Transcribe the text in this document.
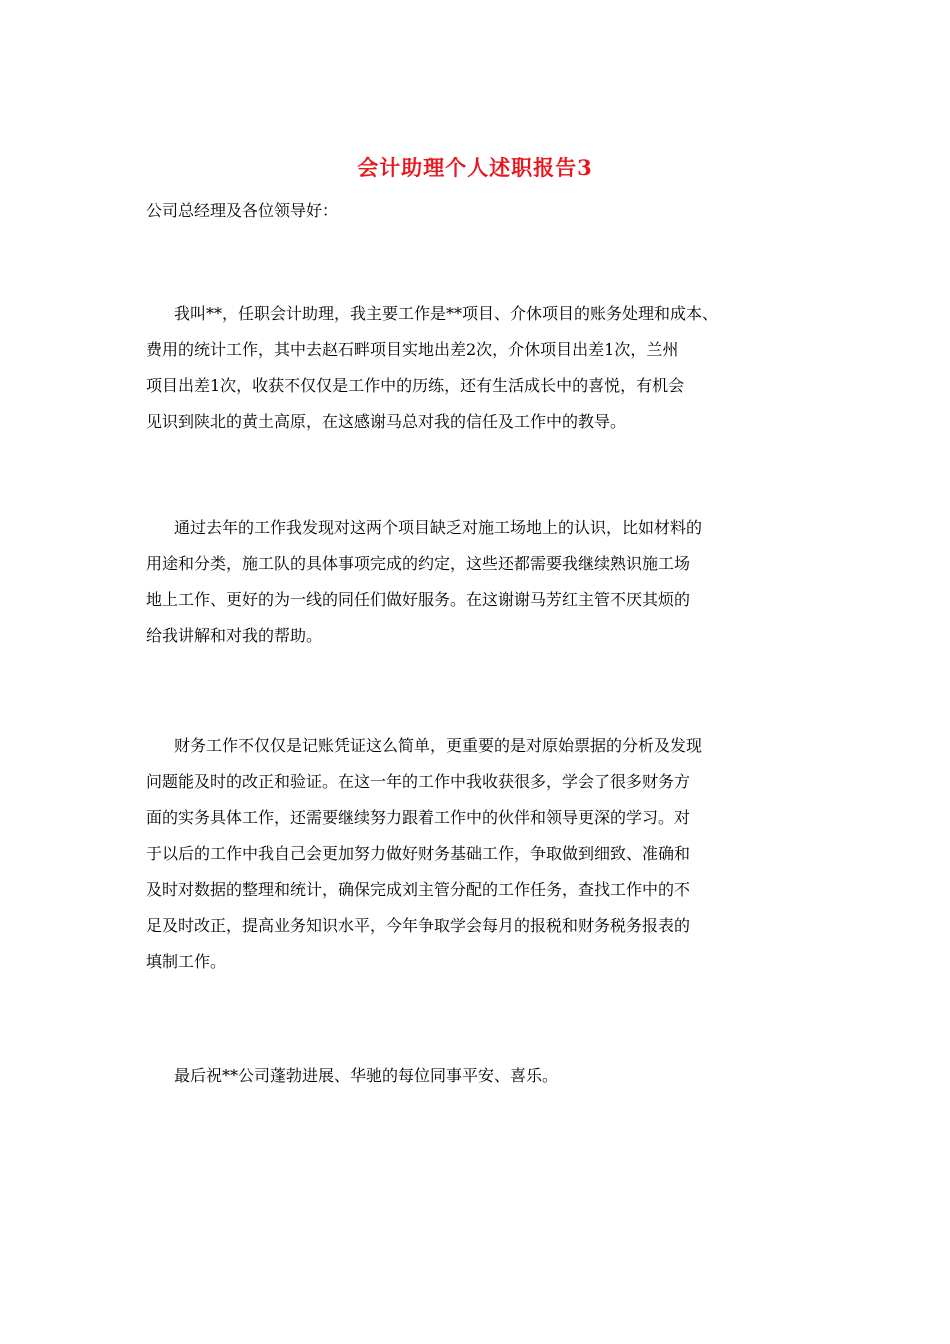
会计助理个人述职报告3
公司总经理及各位领导好：
我叫**，任职会计助理，我主要工作是**项目、介休项目的账务处理和成本、
费用的统计工作，其中去赵石畔项目实地出差2次，介休项目出差1次，兰州
项目出差1次，收获不仅仅是工作中的历练，还有生活成长中的喜悦，有机会
见识到陕北的黄土高原，在这感谢马总对我的信任及工作中的教导。
通过去年的工作我发现对这两个项目缺乏对施工场地上的认识，比如材料的
用途和分类，施工队的具体事项完成的约定，这些还都需要我继续熟识施工场
地上工作、更好的为一线的同任们做好服务。在这谢谢马芳红主管不厌其烦的
给我讲解和对我的帮助。
财务工作不仅仅是记账凭证这么简单，更重要的是对原始票据的分析及发现
问题能及时的改正和验证。在这一年的工作中我收获很多，学会了很多财务方
面的实务具体工作，还需要继续努力跟着工作中的伙伴和领导更深的学习。对
于以后的工作中我自己会更加努力做好财务基础工作，争取做到细致、准确和
及时对数据的整理和统计，确保完成刘主管分配的工作任务，查找工作中的不
足及时改正，提高业务知识水平，今年争取学会每月的报税和财务税务报表的
填制工作。
最后祝**公司蓬勃进展、华驰的每位同事平安、喜乐。
